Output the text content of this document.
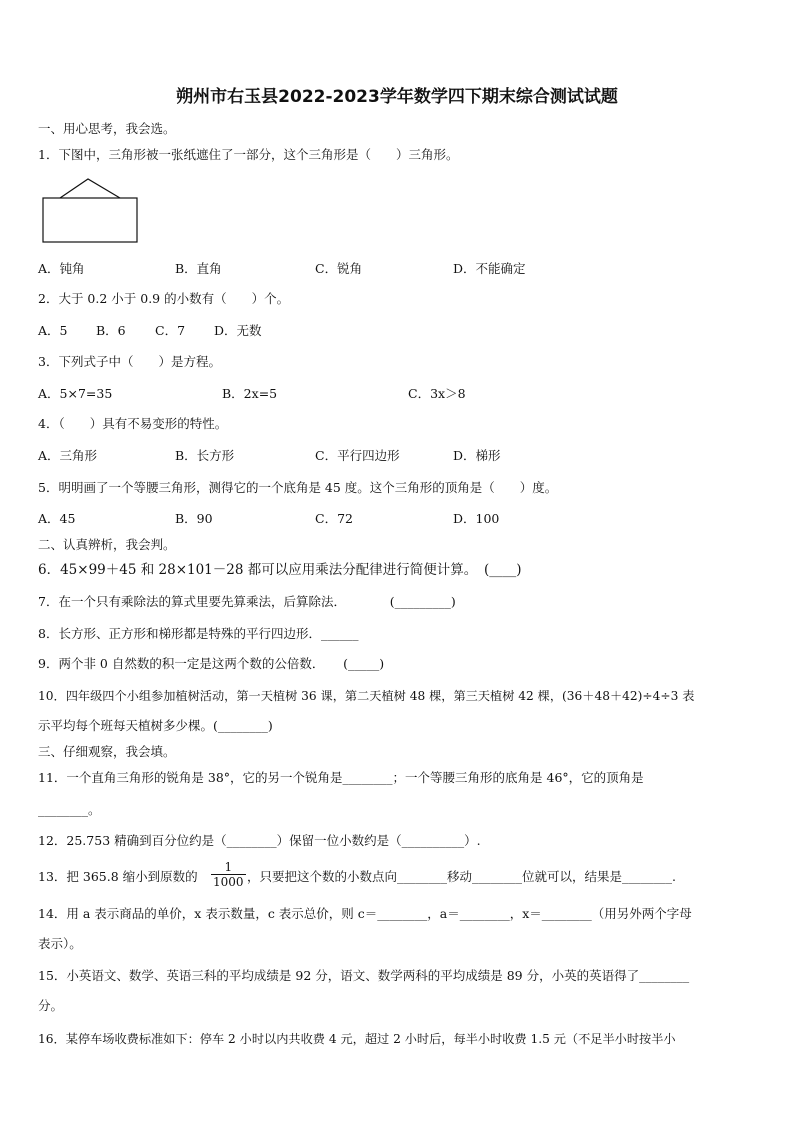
朔州市右玉县2022-2023学年数学四下期末综合测试试题
一、用心思考，我会选。
1．下图中，三角形被一张纸遮住了一部分，这个三角形是（　　）三角形。
A．钝角	B．直角	C．锐角	D．不能确定
2．大于 0.2 小于 0.9 的小数有（　　）个。
A．5 B．6 C．7 D．无数
3．下列式子中（　　）是方程。
A．5×7=35	B．2x=5	C．3x＞8
4．（　　）具有不易变形的特性。
A．三角形	B．长方形	C．平行四边形	D．梯形
5．明明画了一个等腰三角形，测得它的一个底角是 45 度。这个三角形的顶角是（　　）度。
A．45	B．90	C．72	D．100
二、认真辨析，我会判。
6．45×99＋45 和 28×101－28 都可以应用乘法分配律进行简便计算。　(____)
7．在一个只有乘除法的算式里要先算乘法，后算除法．　　　　(_________)
8．长方形、正方形和梯形都是特殊的平行四边形．______
9．两个非 0 自然数的积一定是这两个数的公倍数．　　(_____)
10．四年级四个小组参加植树活动，第一天植树 36 课，第二天植树 48 棵，第三天植树 42 棵，(36＋48＋42)÷4÷3 表
示平均每个班每天植树多少棵。(________)
三、仔细观察，我会填。
11．一个直角三角形的锐角是 38°，它的另一个锐角是________；一个等腰三角形的底角是 46°，它的顶角是
________。
12．25.753 精确到百分位约是（________）保留一位小数约是（__________）.
13．把 365.8 缩小到原数的 $\frac{1}{1000}$ ，只要把这个数的小数点向________移动________位就可以，结果是________.
14．用 a 表示商品的单价，x 表示数量，c 表示总价，则 c＝________，a＝________，x＝________（用另外两个字母
表示）。
15．小英语文、数学、英语三科的平均成绩是 92 分，语文、数学两科的平均成绩是 89 分，小英的英语得了________
分。
16．某停车场收费标准如下：停车 2 小时以内共收费 4 元，超过 2 小时后，每半小时收费 1.5 元（不足半小时按半小
